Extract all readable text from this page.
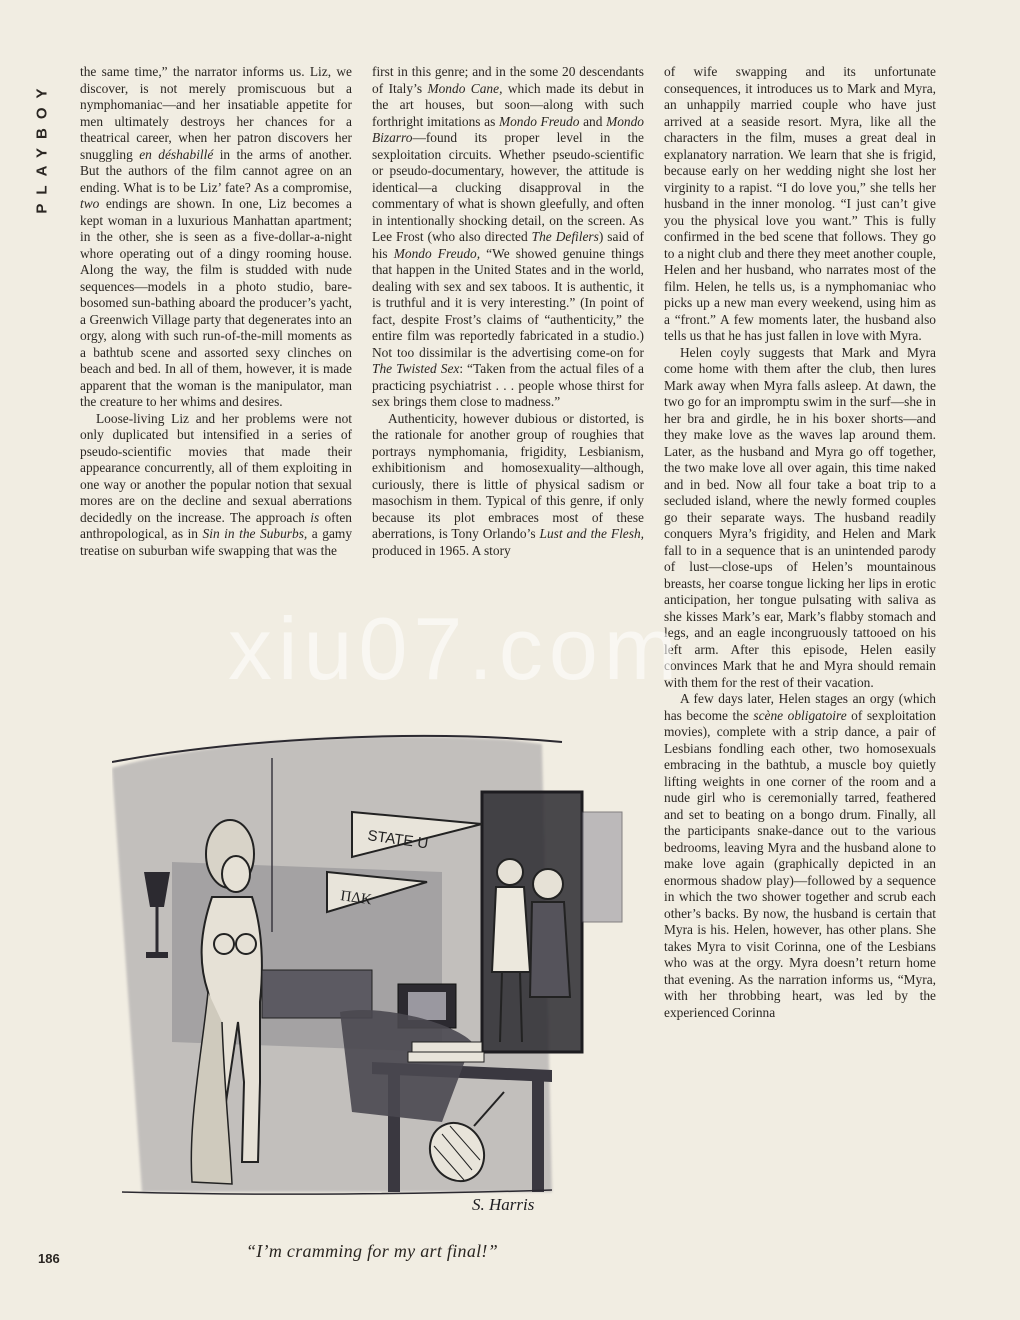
PLAYBOY

the same time,” the narrator informs us. Liz, we discover, is not merely promiscuous but a nymphomaniac—and her insatiable appetite for men ultimately destroys her chances for a theatrical career, when her patron discovers her snuggling en déshabillé in the arms of another. But the authors of the film cannot agree on an ending. What is to be Liz’ fate? As a compromise, two endings are shown. In one, Liz becomes a kept woman in a luxurious Manhattan apartment; in the other, she is seen as a five-dollar-a-night whore operating out of a dingy rooming house. Along the way, the film is studded with nude sequences—models in a photo studio, bare-bosomed sun-bathing aboard the producer’s yacht, a Greenwich Village party that degenerates into an orgy, along with such run-of-the-mill moments as a bathtub scene and assorted sexy clinches on beach and bed. In all of them, however, it is made apparent that the woman is the manipulator, man the creature to her whims and desires.

Loose-living Liz and her problems were not only duplicated but intensified in a series of pseudo-scientific movies that made their appearance concurrently, all of them exploiting in one way or another the popular notion that sexual mores are on the decline and sexual aberrations decidedly on the increase. The approach is often anthropological, as in Sin in the Suburbs, a gamy treatise on suburban wife swapping that was the

first in this genre; and in the some 20 descendants of Italy’s Mondo Cane, which made its debut in the art houses, but soon—along with such forthright imitations as Mondo Freudo and Mondo Bizarro—found its proper level in the sexploitation circuits. Whether pseudo-scientific or pseudo-documentary, however, the attitude is identical—a clucking disapproval in the commentary of what is shown gleefully, and often in intentionally shocking detail, on the screen. As Lee Frost (who also directed The Defilers) said of his Mondo Freudo, “We showed genuine things that happen in the United States and in the world, dealing with sex and sex taboos. It is authentic, it is truthful and it is very interesting.” (In point of fact, despite Frost’s claims of “authenticity,” the entire film was reportedly fabricated in a studio.) Not too dissimilar is the advertising come-on for The Twisted Sex: “Taken from the actual files of a practicing psychiatrist . . . people whose thirst for sex brings them close to madness.”

Authenticity, however dubious or distorted, is the rationale for another group of roughies that portrays nymphomania, frigidity, Lesbianism, exhibitionism and homosexuality—although, curiously, there is little of physical sadism or masochism in them. Typical of this genre, if only because its plot embraces most of these aberrations, is Tony Orlando’s Lust and the Flesh, produced in 1965. A story

of wife swapping and its unfortunate consequences, it introduces us to Mark and Myra, an unhappily married couple who have just arrived at a seaside resort. Myra, like all the characters in the film, muses a great deal in explanatory narration. We learn that she is frigid, because early on her wedding night she lost her virginity to a rapist. “I do love you,” she tells her husband in the inner monolog. “I just can’t give you the physical love you want.” This is fully confirmed in the bed scene that follows. They go to a night club and there they meet another couple, Helen and her husband, who narrates most of the film. Helen, he tells us, is a nymphomaniac who picks up a new man every weekend, using him as a “front.” A few moments later, the husband also tells us that he has just fallen in love with Myra.

Helen coyly suggests that Mark and Myra come home with them after the club, then lures Mark away when Myra falls asleep. At dawn, the two go for an impromptu swim in the surf—she in her bra and girdle, he in his boxer shorts—and they make love as the waves lap around them. Later, as the husband and Myra go off together, the two make love all over again, this time naked and in bed. Now all four take a boat trip to a secluded island, where the newly formed couples go their separate ways. The husband readily conquers Myra’s frigidity, and Helen and Mark fall to in a sequence that is an unintended parody of lust—close-ups of Helen’s mountainous breasts, her coarse tongue licking her lips in erotic anticipation, her tongue pulsating with saliva as she kisses Mark’s ear, Mark’s flabby stomach and legs, and an eagle incongruously tattooed on his left arm. After this episode, Helen easily convinces Mark that he and Myra should remain with them for the rest of their vacation.

A few days later, Helen stages an orgy (which has become the scène obligatoire of sexploitation movies), complete with a strip dance, a pair of Lesbians fondling each other, two homosexuals embracing in the bathtub, a muscle boy quietly lifting weights in one corner of the room and a nude girl who is ceremonially tarred, feathered and set to beating on a bongo drum. Finally, all the participants snake-dance out to the various bedrooms, leaving Myra and the husband alone to make love again (graphically depicted in an enormous shadow play)—followed by a sequence in which the two shower together and scrub each other’s backs. By now, the husband is certain that Myra is his. Helen, however, has other plans. She takes Myra to visit Corinna, one of the Lesbians who was at the orgy. Myra doesn’t return home that evening. As the narration informs us, “Myra, with her throbbing heart, was led by the experienced Corinna

STATE U
ΠΔK
S. Harris
“I’m cramming for my art final!”
186
xiu07.com
